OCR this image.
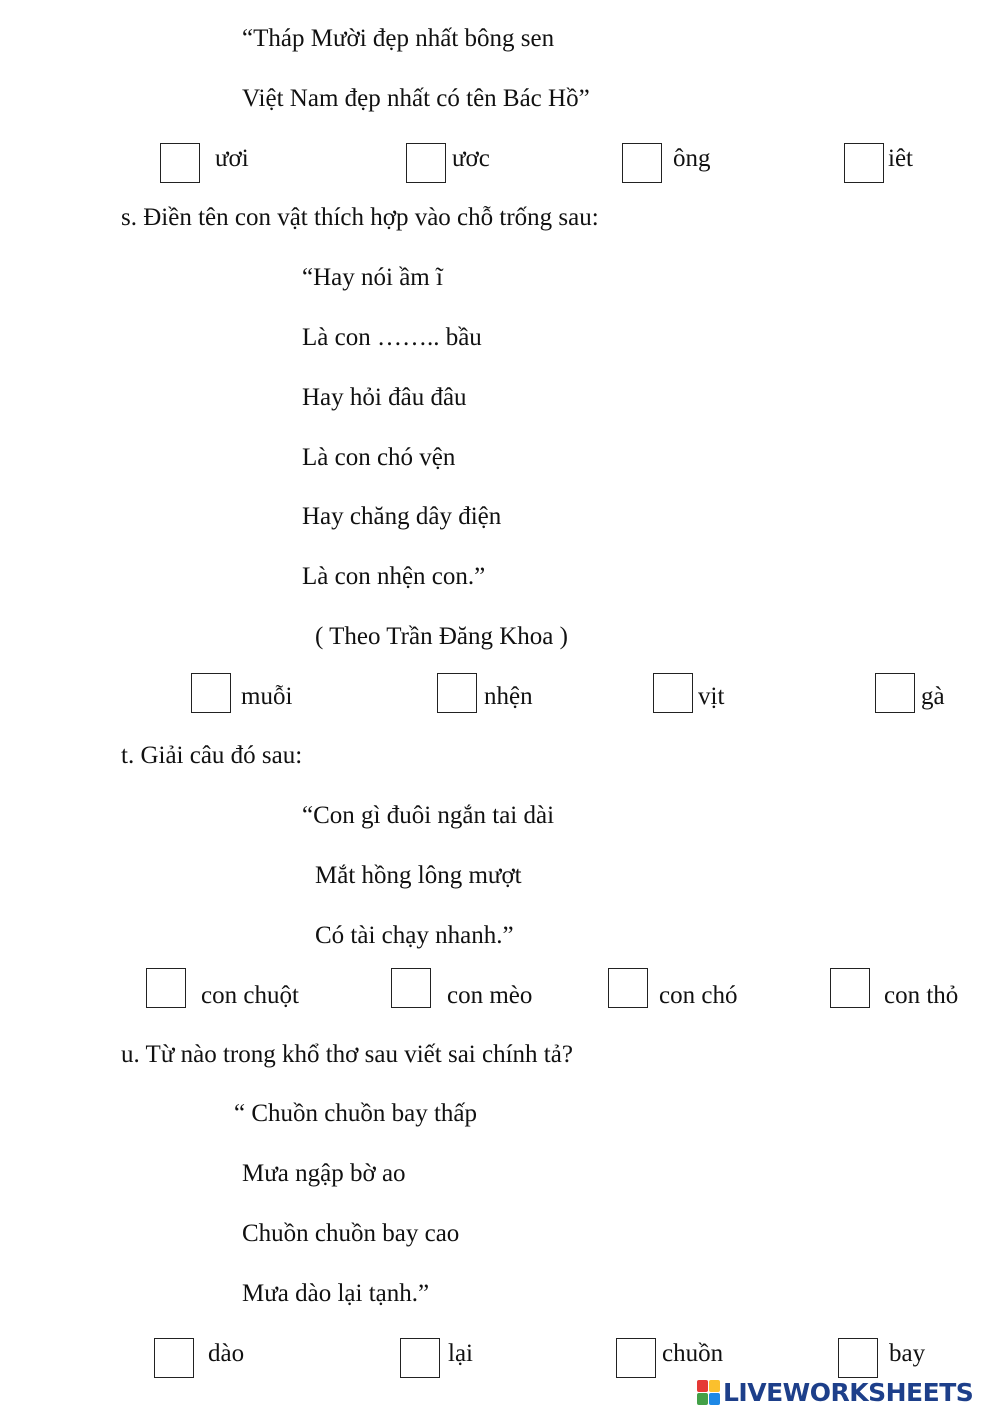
“Tháp Mười đẹp nhất bông sen
Việt Nam đẹp nhất có tên Bác Hồ”
ươi	ươc	ông	iêt
s. Điền tên con vật thích hợp vào chỗ trống sau:
“Hay nói ầm ĩ
Là con …….. bầu
Hay hỏi đâu đâu
Là con chó vện
Hay chăng dây điện
Là con nhện con.”
( Theo Trần Đăng Khoa )
muỗi	nhện	vịt	gà
t. Giải câu đó sau:
“Con gì đuôi ngắn tai dài
Mắt hồng lông mượt
Có tài chạy nhanh.”
con chuột	con mèo	con chó	con thỏ
u. Từ nào trong khổ thơ sau viết sai chính tả?
“ Chuồn chuồn bay thấp
Mưa ngập bờ ao
Chuồn chuồn bay cao
Mưa dào lại tạnh.”
dào	lại	chuồn	bay
LIVEWORKSHEETS
